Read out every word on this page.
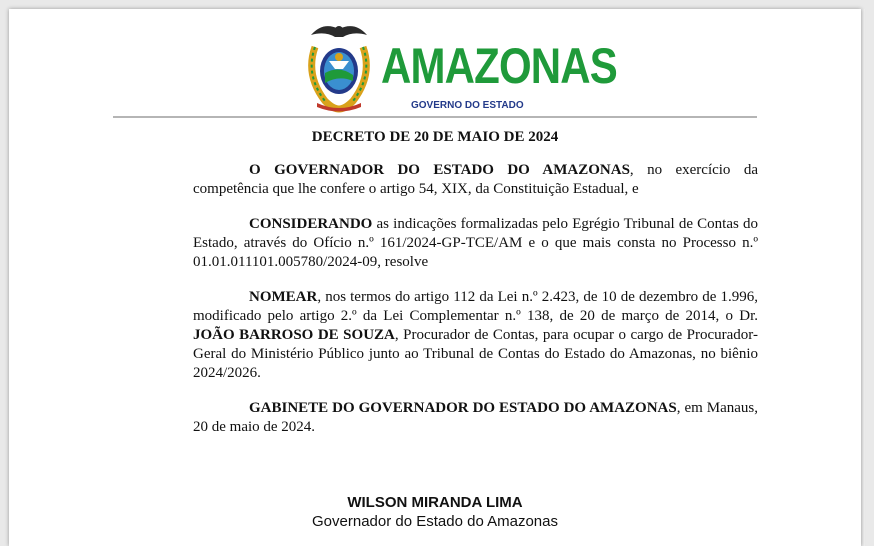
AMAZONAS
GOVERNO DO ESTADO
DECRETO DE 20 DE MAIO DE 2024

O GOVERNADOR DO ESTADO DO AMAZONAS, no exercício da competência que lhe confere o artigo 54, XIX, da Constituição Estadual, e

CONSIDERANDO as indicações formalizadas pelo Egrégio Tribunal de Contas do Estado, através do Ofício n.º 161/2024-GP-TCE/AM e o que mais consta no Processo n.º 01.01.011101.005780/2024-09, resolve

NOMEAR, nos termos do artigo 112 da Lei n.º 2.423, de 10 de dezembro de 1.996, modificado pelo artigo 2.º da Lei Complementar n.º 138, de 20 de março de 2014, o Dr. JOÃO BARROSO DE SOUZA, Procurador de Contas, para ocupar o cargo de Procurador-Geral do Ministério Público junto ao Tribunal de Contas do Estado do Amazonas, no biênio 2024/2026.

GABINETE DO GOVERNADOR DO ESTADO DO AMAZONAS, em Manaus, 20 de maio de 2024.

WILSON MIRANDA LIMA
Governador do Estado do Amazonas
